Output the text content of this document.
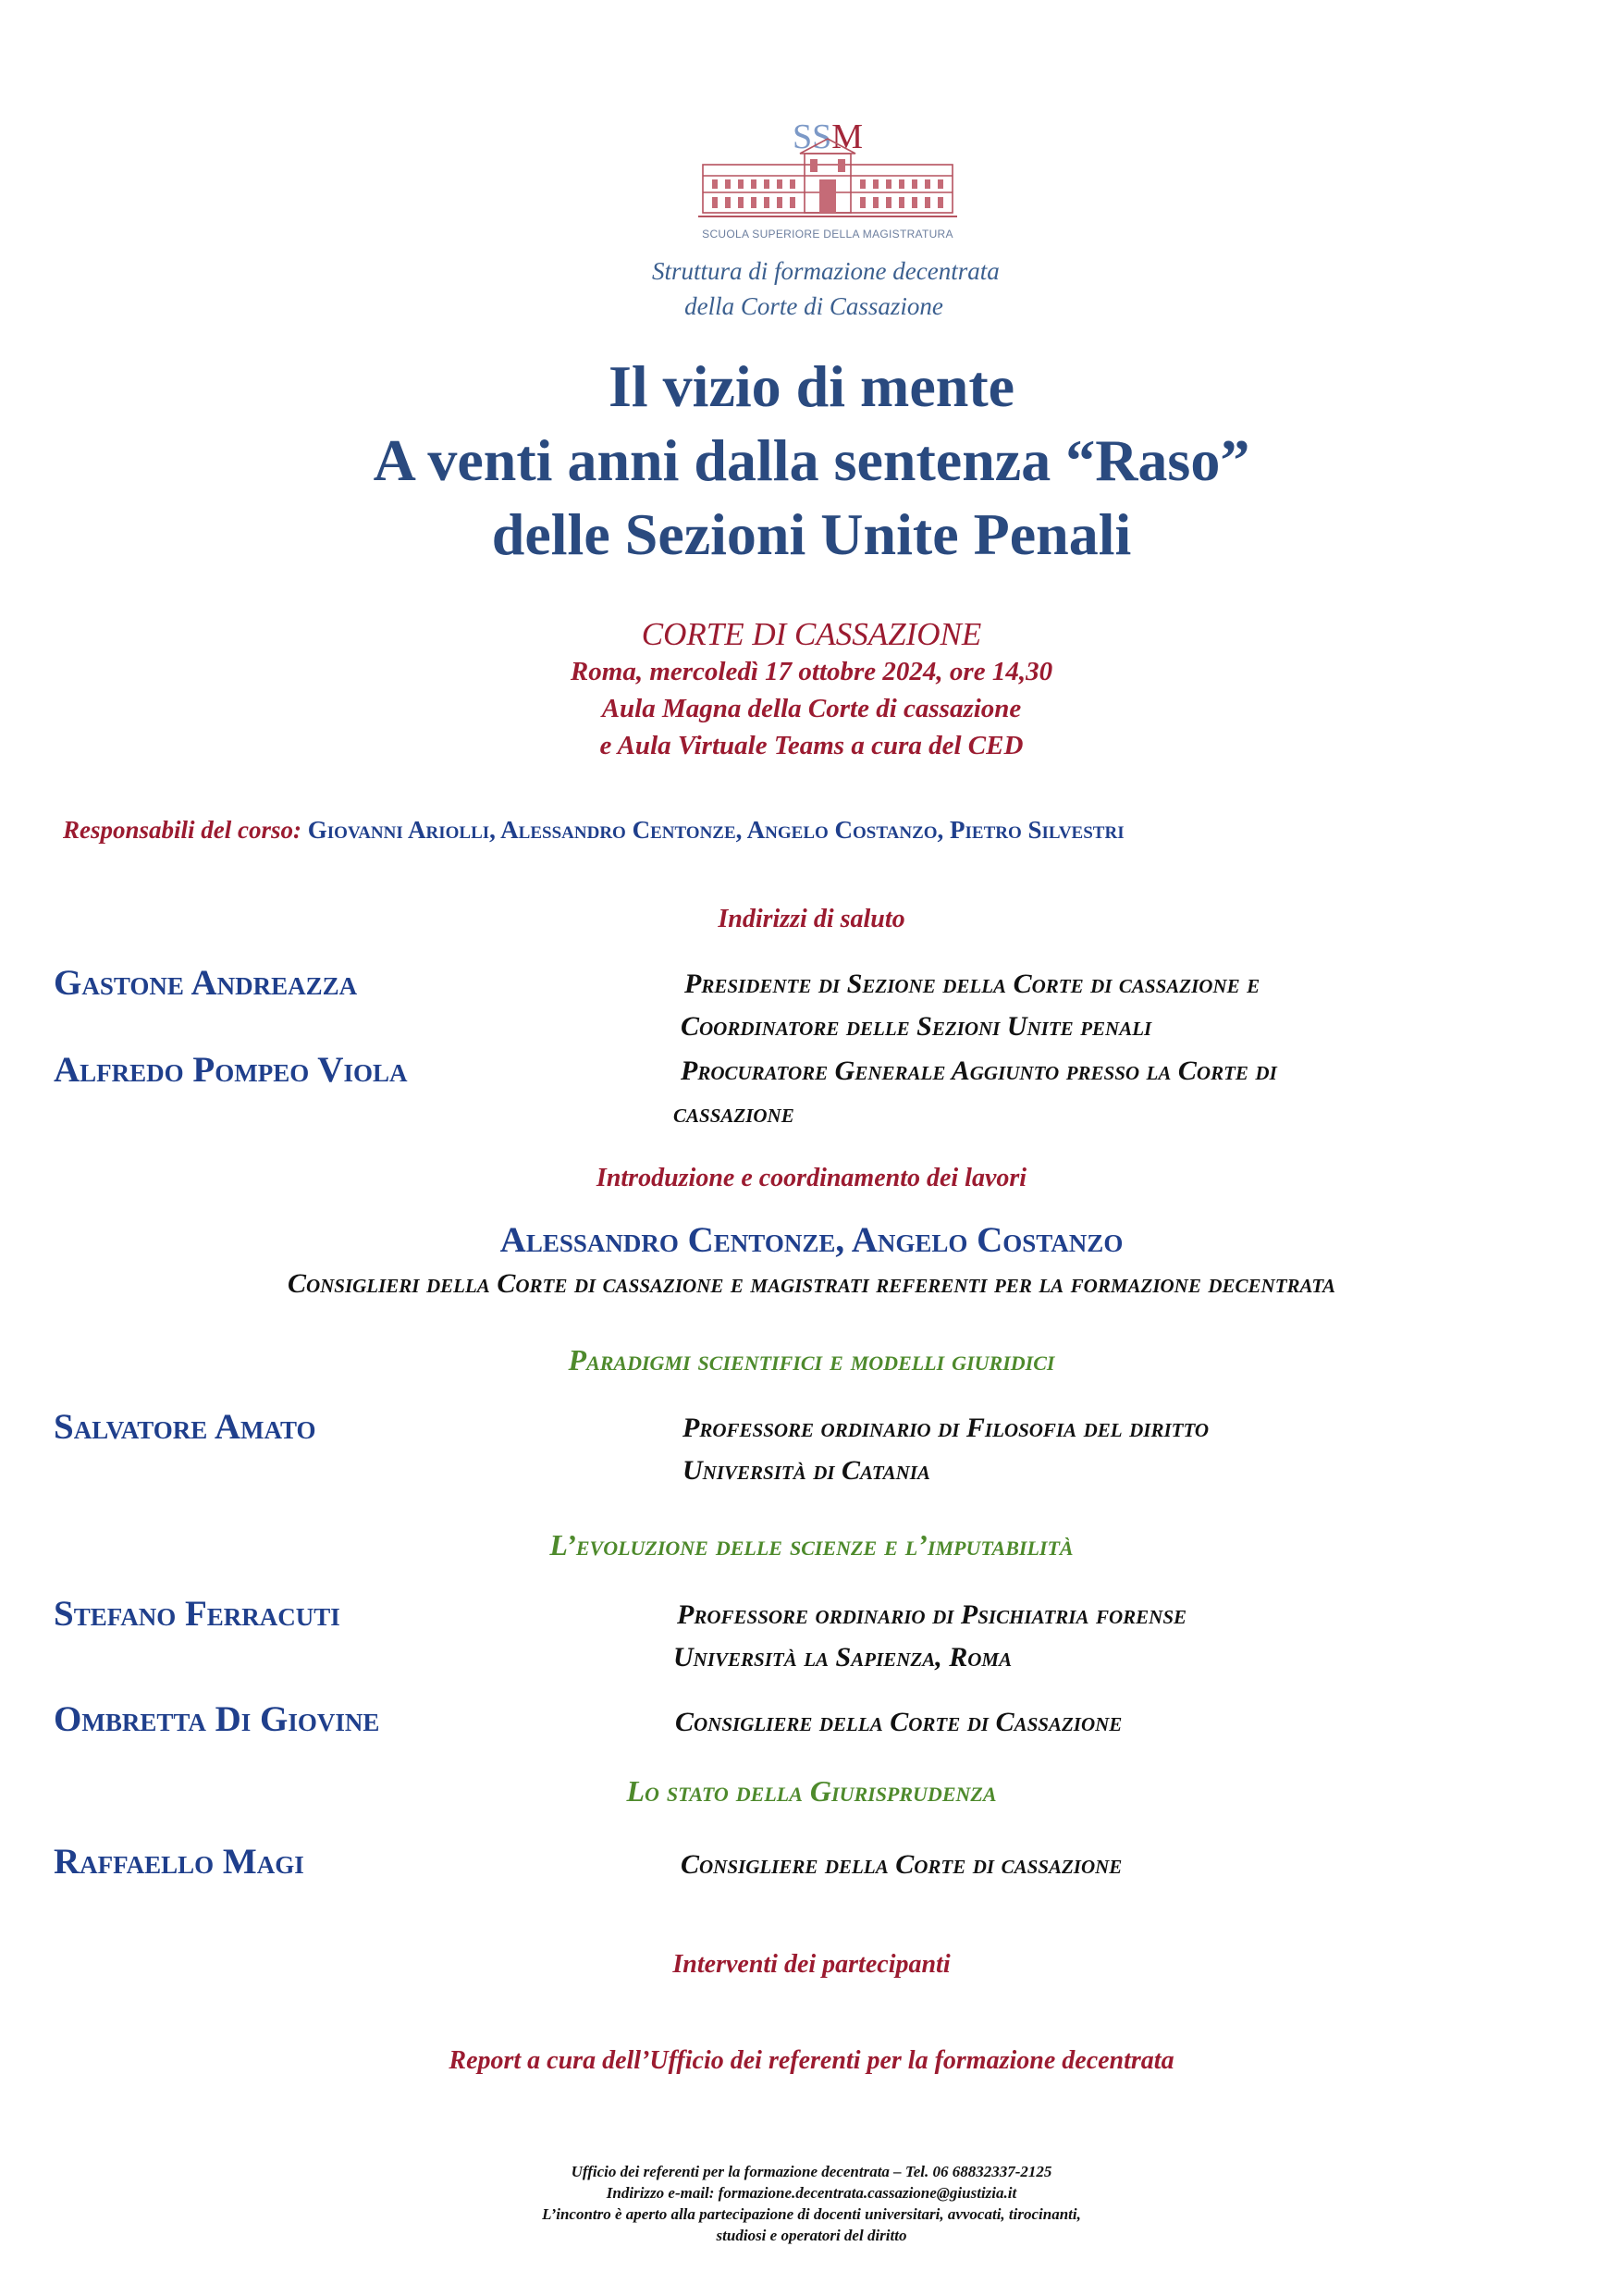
SSM
SCUOLA SUPERIORE DELLA MAGISTRATURA
Struttura di formazione decentrata
della Corte di Cassazione
Il vizio di mente
A venti anni dalla sentenza “Raso”
delle Sezioni Unite Penali
CORTE DI CASSAZIONE
Roma, mercoledì 17 ottobre 2024, ore 14,30
Aula Magna della Corte di cassazione
e Aula Virtuale Teams a cura del CED
Responsabili del corso: Giovanni Ariolli, Alessandro Centonze, Angelo Costanzo, Pietro Silvestri
Indirizzi di saluto
Gastone Andreazza	Presidente di Sezione della Corte di cassazione e
Coordinatore delle Sezioni Unite penali
Alfredo Pompeo Viola	Procuratore Generale Aggiunto presso la Corte di
cassazione
Introduzione e coordinamento dei lavori
Alessandro Centonze, Angelo Costanzo
Consiglieri della Corte di cassazione e magistrati referenti per la formazione decentrata
Paradigmi scientifici e modelli giuridici
Salvatore Amato	Professore ordinario di Filosofia del diritto
Università di Catania
L’evoluzione delle scienze e l’imputabilità
Stefano Ferracuti	Professore ordinario di Psichiatria forense
Università la Sapienza, Roma
Ombretta Di Giovine	Consigliere della Corte di Cassazione
Lo stato della Giurisprudenza
Raffaello Magi	Consigliere della Corte di cassazione
Interventi dei partecipanti
Report a cura dell’Ufficio dei referenti per la formazione decentrata
Ufficio dei referenti per la formazione decentrata – Tel. 06 68832337-2125
Indirizzo e-mail: formazione.decentrata.cassazione@giustizia.it
L’incontro è aperto alla partecipazione di docenti universitari, avvocati, tirocinanti,
studiosi e operatori del diritto
